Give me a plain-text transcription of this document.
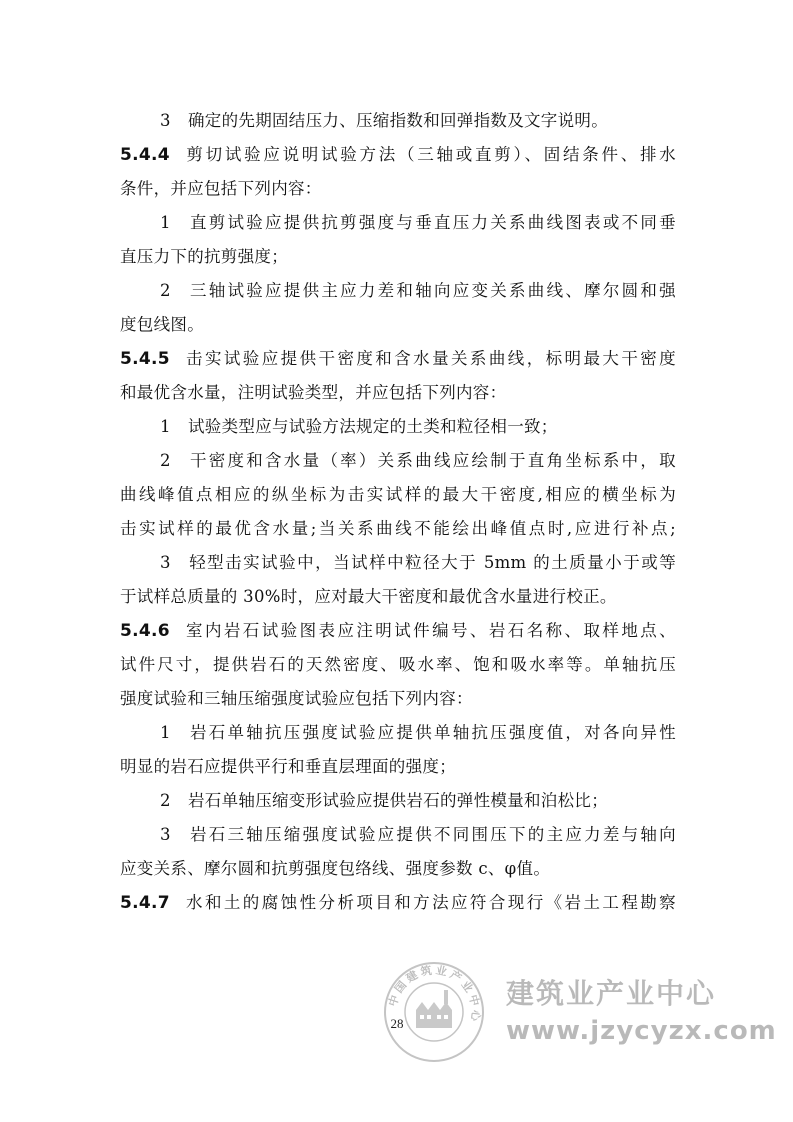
3 确定的先期固结压力、压缩指数和回弹指数及文字说明。
5.4.4 剪切试验应说明试验方法（三轴或直剪）、固结条件、排水
条件，并应包括下列内容：
1 直剪试验应提供抗剪强度与垂直压力关系曲线图表或不同垂
直压力下的抗剪强度；
2 三轴试验应提供主应力差和轴向应变关系曲线、摩尔圆和强
度包线图。
5.4.5 击实试验应提供干密度和含水量关系曲线，标明最大干密度
和最优含水量，注明试验类型，并应包括下列内容：
1 试验类型应与试验方法规定的土类和粒径相一致；
2 干密度和含水量（率）关系曲线应绘制于直角坐标系中，取
曲线峰值点相应的纵坐标为击实试样的最大干密度,相应的横坐标为
击实试样的最优含水量;当关系曲线不能绘出峰值点时,应进行补点;
3 轻型击实试验中，当试样中粒径大于 5mm 的土质量小于或等
于试样总质量的 30%时，应对最大干密度和最优含水量进行校正。
5.4.6 室内岩石试验图表应注明试件编号、岩石名称、取样地点、
试件尺寸，提供岩石的天然密度、吸水率、饱和吸水率等。单轴抗压
强度试验和三轴压缩强度试验应包括下列内容：
1 岩石单轴抗压强度试验应提供单轴抗压强度值，对各向异性
明显的岩石应提供平行和垂直层理面的强度；
2 岩石单轴压缩变形试验应提供岩石的弹性模量和泊松比；
3 岩石三轴压缩强度试验应提供不同围压下的主应力差与轴向
应变关系、摩尔圆和抗剪强度包络线、强度参数 c、φ值。
5.4.7 水和土的腐蚀性分析项目和方法应符合现行《岩土工程勘察
中国建筑业产业中心
建筑业产业中心
www.jzycyzx.com
28
